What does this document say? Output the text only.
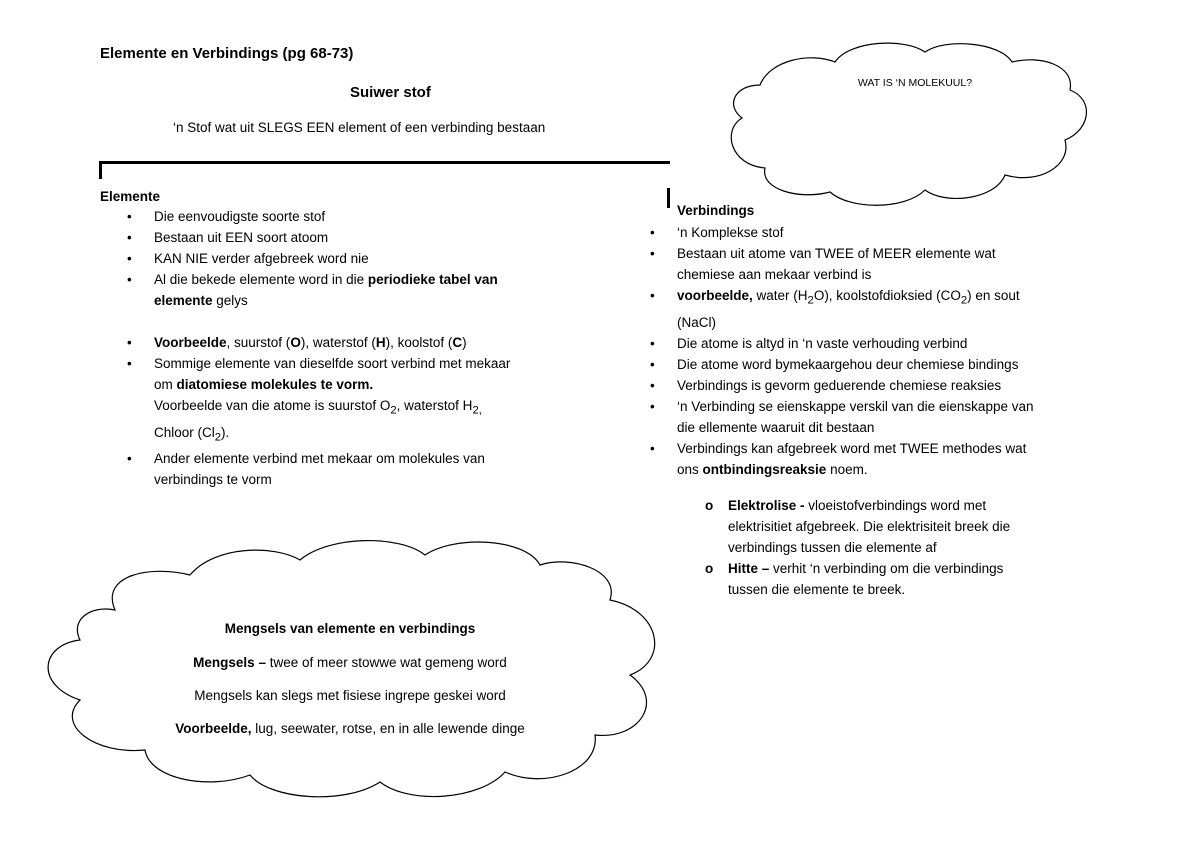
Elemente en Verbindings (pg 68-73)
Suiwer stof
‘n Stof wat uit SLEGS EEN element of een verbinding bestaan
WAT IS ‘N MOLEKUUL?
Elemente
• Die eenvoudigste soorte stof
• Bestaan uit EEN soort atoom
• KAN NIE verder afgebreek word nie
• Al die bekede elemente word in die periodieke tabel van
elemente gelys
• Voorbeelde, suurstof (O), waterstof (H), koolstof (C)
• Sommige elemente van dieselfde soort verbind met mekaar
om diatomiese molekules te vorm.
Voorbeelde van die atome is suurstof $O_2$, waterstof $H_{2,}$
Chloor $(Cl_2)$.
• Ander elemente verbind met mekaar om molekules van
verbindings te vorm
Verbindings
• ‘n Komplekse stof
• Bestaan uit atome van TWEE of MEER elemente wat
chemiese aan mekaar verbind is
• voorbeelde, water $(H_2O)$, koolstofdioksied $(CO_2)$ en sout
(NaCl)
• Die atome is altyd in ‘n vaste verhouding verbind
• Die atome word bymekaargehou deur chemiese bindings
• Verbindings is gevorm geduerende chemiese reaksies
• ‘n Verbinding se eienskappe verskil van die eienskappe van
die ellemente waaruit dit bestaan
• Verbindings kan afgebreek word met TWEE methodes wat
ons ontbindingsreaksie noem.
o Elektrolise - vloeistofverbindings word met
elektrisitiet afgebreek. Die elektrisiteit breek die
verbindings tussen die elemente af
o Hitte – verhit ‘n verbinding om die verbindings
tussen die elemente te breek.
Mengsels van elemente en verbindings
Mengsels – twee of meer stowwe wat gemeng word
Mengsels kan slegs met fisiese ingrepe geskei word
Voorbeelde, lug, seewater, rotse, en in alle lewende dinge
